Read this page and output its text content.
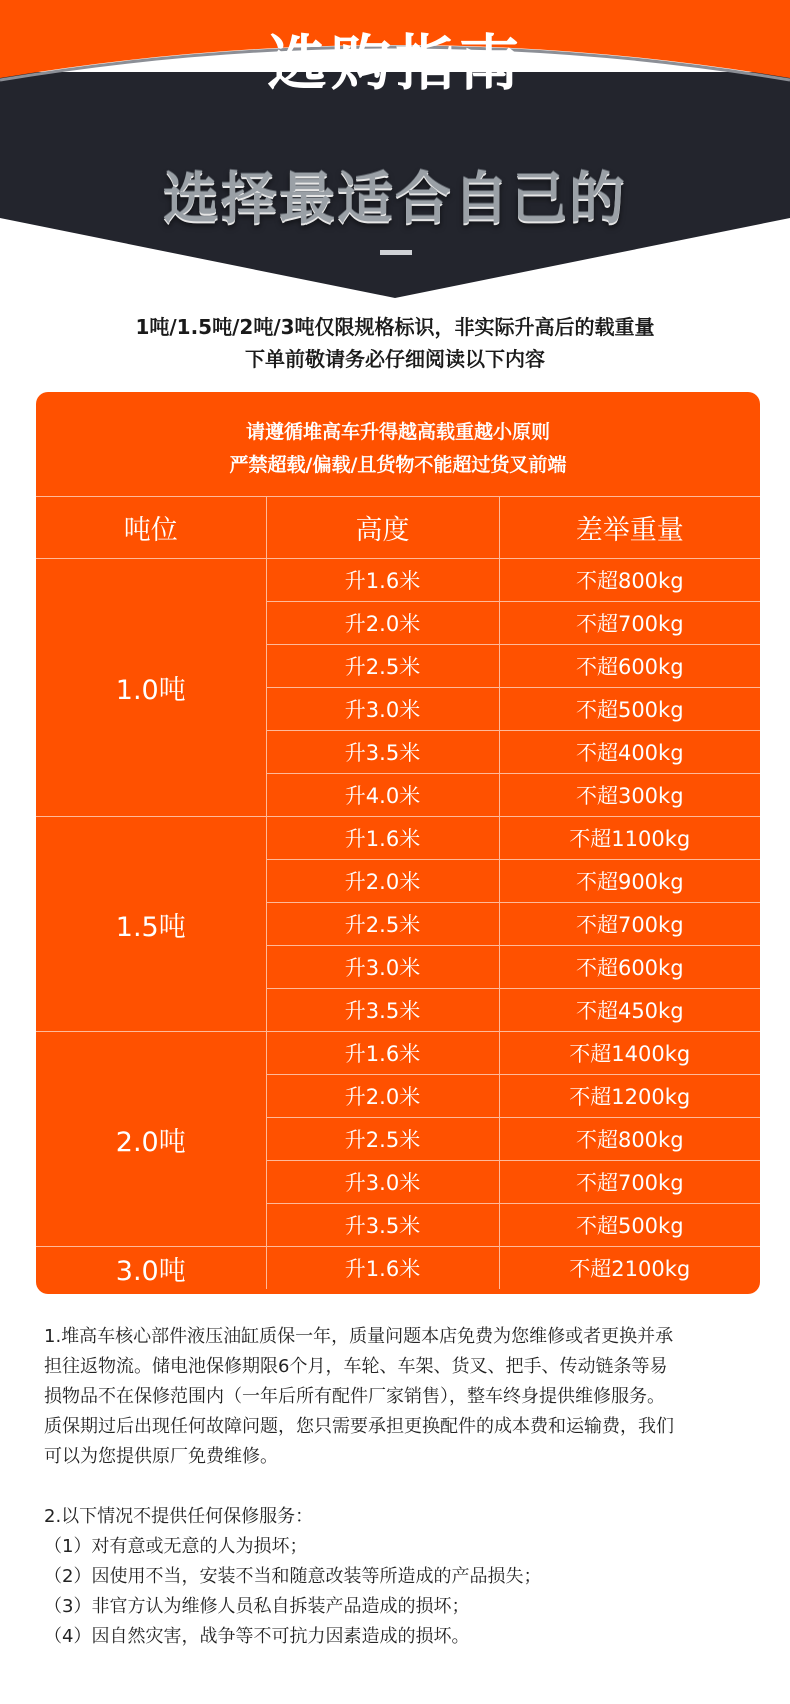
选购指南
选择最适合自己的
1吨/1.5吨/2吨/3吨仅限规格标识，非实际升高后的载重量
下单前敬请务必仔细阅读以下内容
请遵循堆高车升得越高载重越小原则
严禁超载/偏载/且货物不能超过货叉前端
吨位	高度	差举重量
1.0吨	升1.6米	不超800kg
	升2.0米	不超700kg
	升2.5米	不超600kg
	升3.0米	不超500kg
	升3.5米	不超400kg
	升4.0米	不超300kg
1.5吨	升1.6米	不超1100kg
	升2.0米	不超900kg
	升2.5米	不超700kg
	升3.0米	不超600kg
	升3.5米	不超450kg
2.0吨	升1.6米	不超1400kg
	升2.0米	不超1200kg
	升2.5米	不超800kg
	升3.0米	不超700kg
	升3.5米	不超500kg
3.0吨	升1.6米	不超2100kg

1.堆高车核心部件液压油缸质保一年，质量问题本店免费为您维修或者更换并承

担往返物流。储电池保修期限6个月，车轮、车架、货叉、把手、传动链条等易

损物品不在保修范围内（一年后所有配件厂家销售），整车终身提供维修服务。

质保期过后出现任何故障问题，您只需要承担更换配件的成本费和运输费，我们

可以为您提供原厂免费维修。

2.以下情况不提供任何保修服务：

（1）对有意或无意的人为损坏；

（2）因使用不当，安装不当和随意改装等所造成的产品损失；

（3）非官方认为维修人员私自拆装产品造成的损坏；

（4）因自然灾害，战争等不可抗力因素造成的损坏。
